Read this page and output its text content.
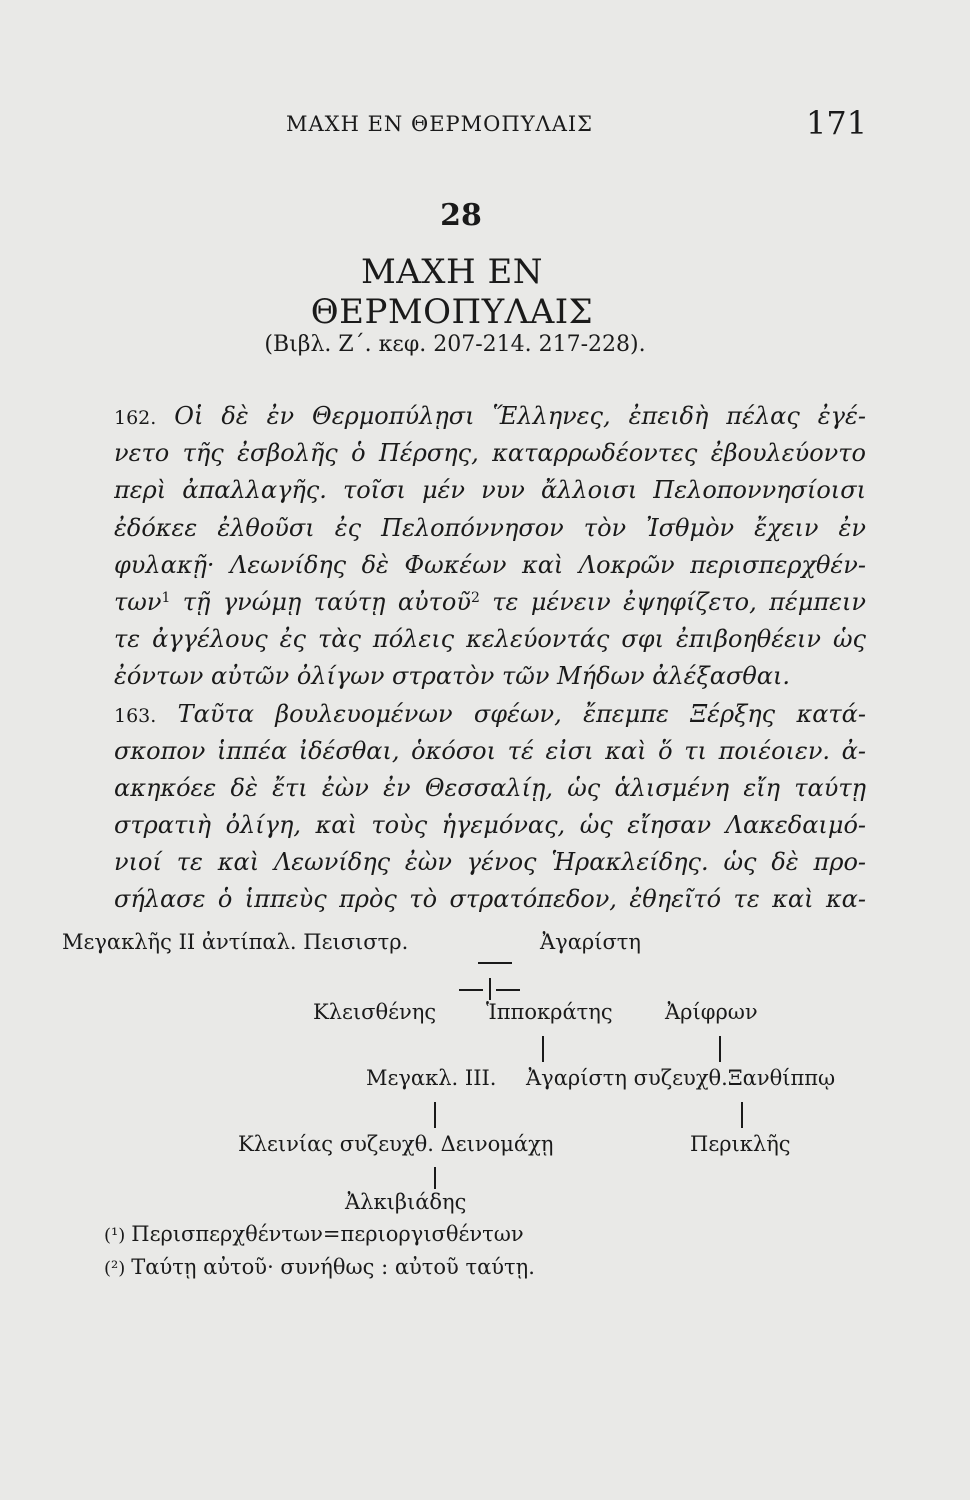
ΜΑΧΗ ΕΝ ΘΕΡΜΟΠΥΛΑΙΣ	171
28
ΜΑΧΗ ΕΝ ΘΕΡΜΟΠΥΛΑΙΣ
(Βιβλ. Ζ΄. κεφ. 207-214. 217-228).
162. Οἱ δὲ ἐν Θερμοπύλῃσι Ἕλληνες, ἐπειδὴ πέλας ἐγέ-
νετο τῆς ἐσβολῆς ὁ Πέρσης, καταρρωδέοντες ἐβουλεύοντο
περὶ ἀπαλλαγῆς. τοῖσι μέν νυν ἄλλοισι Πελοποννησίοισι
ἐδόκεε ἐλθοῦσι ἐς Πελοπόννησον τὸν Ἰσθμὸν ἔχειν ἐν
φυλακῇ· Λεωνίδης δὲ Φωκέων καὶ Λοκρῶν περισπερχθέν-
των$^1$ τῇ γνώμῃ ταύτῃ αὐτοῦ$^2$ τε μένειν ἐψηφίζετο, πέμπειν
τε ἀγγέλους ἐς τὰς πόλεις κελεύοντάς σφι ἐπιβοηθέειν ὡς
ἐόντων αὐτῶν ὀλίγων στρατὸν τῶν Μήδων ἀλέξασθαι.
163. Ταῦτα βουλευομένων σφέων, ἔπεμπε Ξέρξης κατά-
σκοπον ἱππέα ἰδέσθαι, ὁκόσοι τέ εἰσι καὶ ὅ τι ποιέοιεν. ἀ-
ακηκόεε δὲ ἔτι ἐὼν ἐν Θεσσαλίῃ, ὡς ἁλισμένη εἴη ταύτῃ
στρατιὴ ὀλίγη, καὶ τοὺς ἡγεμόνας, ὡς εἴησαν Λακεδαιμό-
νιοί τε καὶ Λεωνίδης ἐὼν γένος Ἡρακλείδης. ὡς δὲ προ-
σήλασε ὁ ἱππεὺς πρὸς τὸ στρατόπεδον, ἐθηεῖτό τε καὶ κα-
Μεγακλῆς ΙΙ ἀντίπαλ. Πεισιστρ.	Ἀγαρίστη
Κλεισθένης Ἱπποκράτης Ἀρίφρων
Μεγακλ. ΙΙΙ. Ἀγαρίστη συζευχθ.Ξανθίππῳ
Κλεινίας συζευχθ. Δεινομάχῃ	Περικλῆς
Ἀλκιβιάδης
(¹) Περισπερχθέντων=περιοργισθέντων
(²) Ταύτῃ αὐτοῦ· συνήθως : αὐτοῦ ταύτῃ.
